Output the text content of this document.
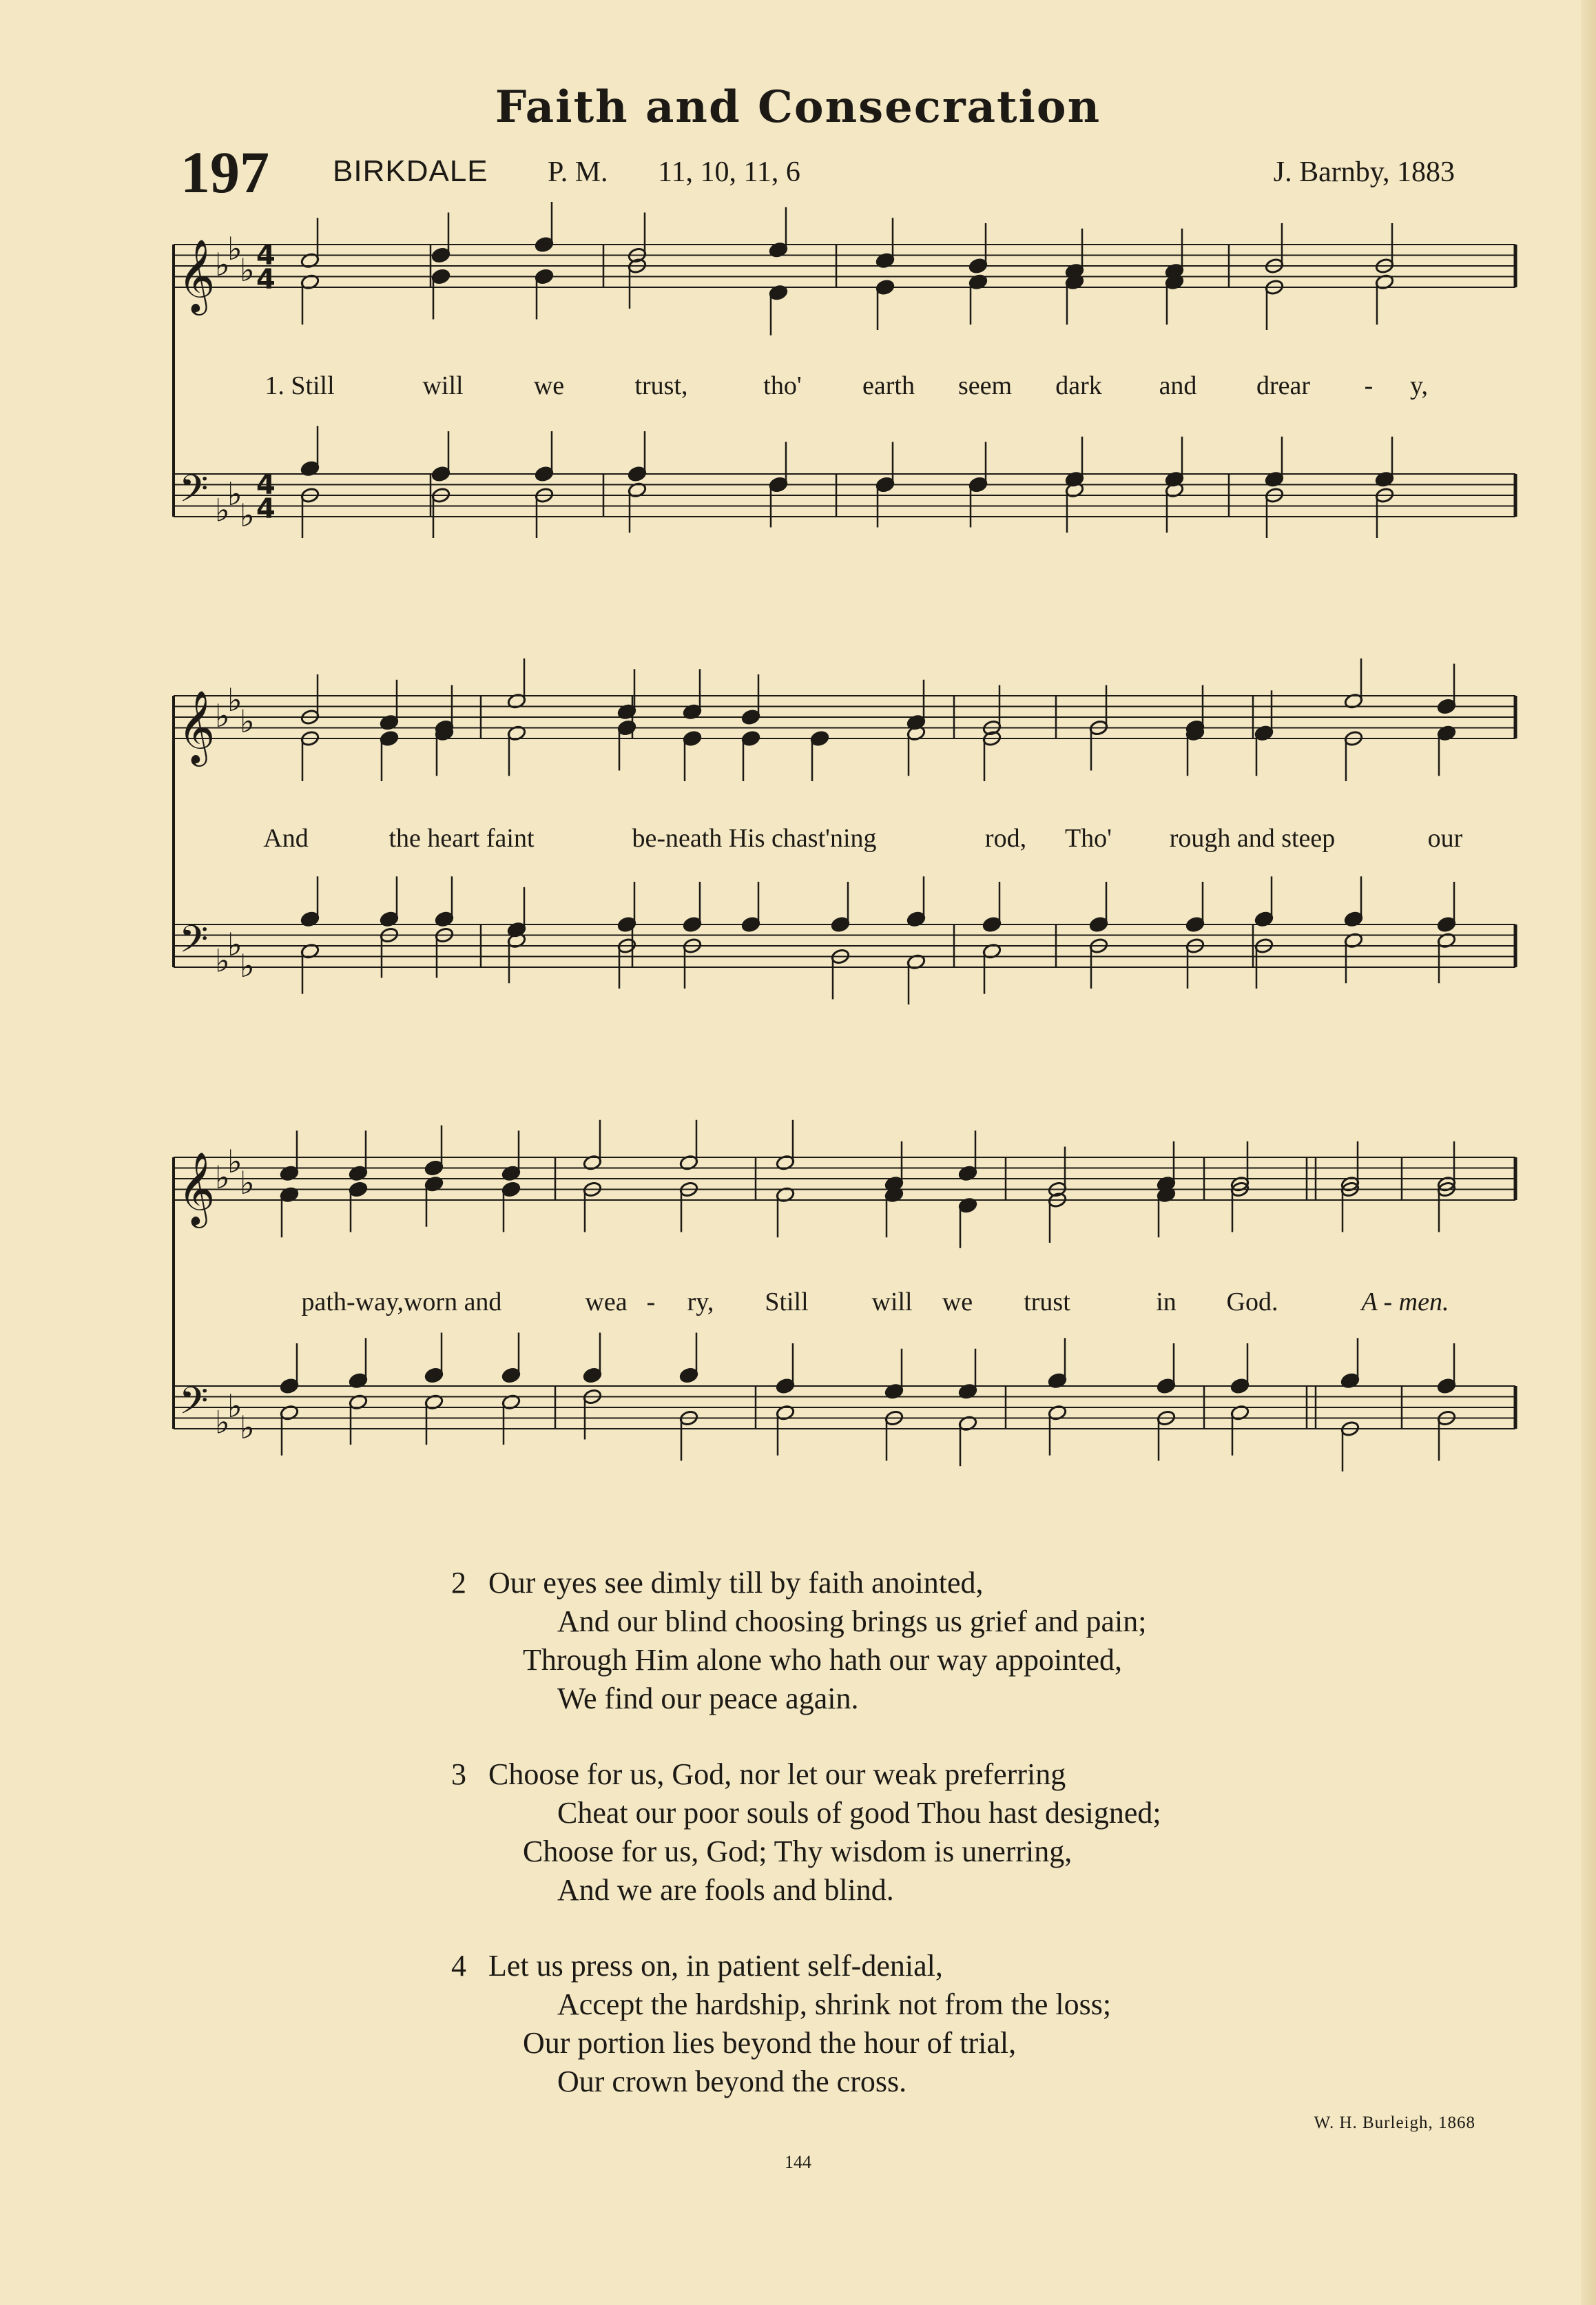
Faith and Consecration
197 BIRKDALE P. M. 11, 10, 11, 6	J. Barnby, 1883
𝄞
𝄢
♭
♭
♭
♭
♭
♭
4
4
4
4
𝄞
𝄢
♭
♭
♭
♭
♭
♭
𝄞
𝄢
♭
♭
♭
♭
♭
♭
1. Still	will	we	trust,	tho' earth seem dark and drear - y,
And	the heart faint	be-neath His chast'ning	rod, Tho' rough and steep	our
path-way,worn and	wea - ry, Still will we trust	in God.	A - men.
2 Our eyes see dimly till by faith anointed,
And our blind choosing brings us grief and pain;
Through Him alone who hath our way appointed,
We find our peace again.
3 Choose for us, God, nor let our weak preferring
Cheat our poor souls of good Thou hast designed;
Choose for us, God; Thy wisdom is unerring,
And we are fools and blind.
4 Let us press on, in patient self-denial,
Accept the hardship, shrink not from the loss;
Our portion lies beyond the hour of trial,
Our crown beyond the cross.
W. H. Burleigh, 1868
144
